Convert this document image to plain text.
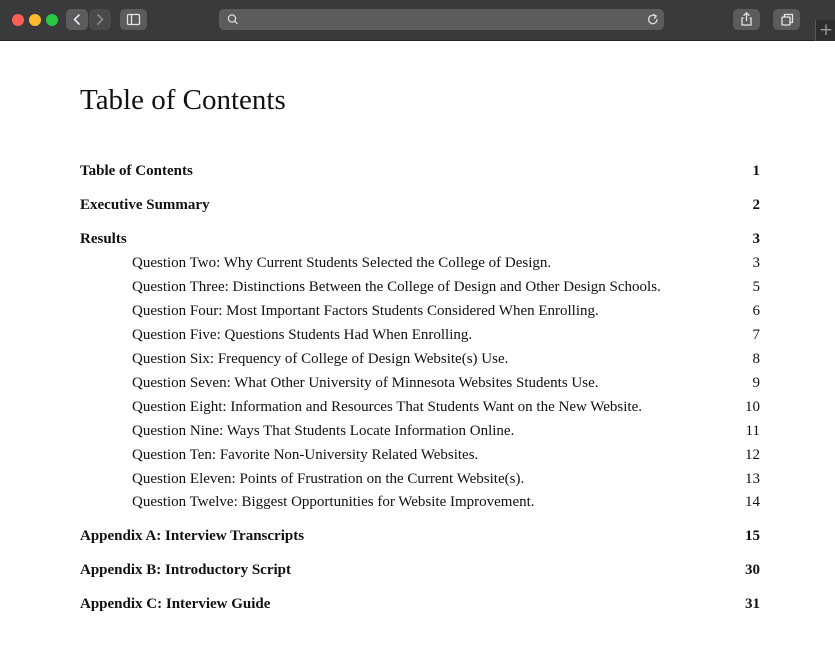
+
Table of Contents
Table of Contents	1
Executive Summary	2
Results	3
Question Two: Why Current Students Selected the College of Design.	3
Question Three: Distinctions Between the College of Design and Other Design Schools.	5
Question Four: Most Important Factors Students Considered When Enrolling.	6
Question Five: Questions Students Had When Enrolling.	7
Question Six: Frequency of College of Design Website(s) Use.	8
Question Seven: What Other University of Minnesota Websites Students Use.	9
Question Eight: Information and Resources That Students Want on the New Website.	10
Question Nine: Ways That Students Locate Information Online.	11
Question Ten: Favorite Non-University Related Websites.	12
Question Eleven: Points of Frustration on the Current Website(s).	13
Question Twelve: Biggest Opportunities for Website Improvement.	14
Appendix A: Interview Transcripts	15
Appendix B: Introductory Script	30
Appendix C: Interview Guide	31
